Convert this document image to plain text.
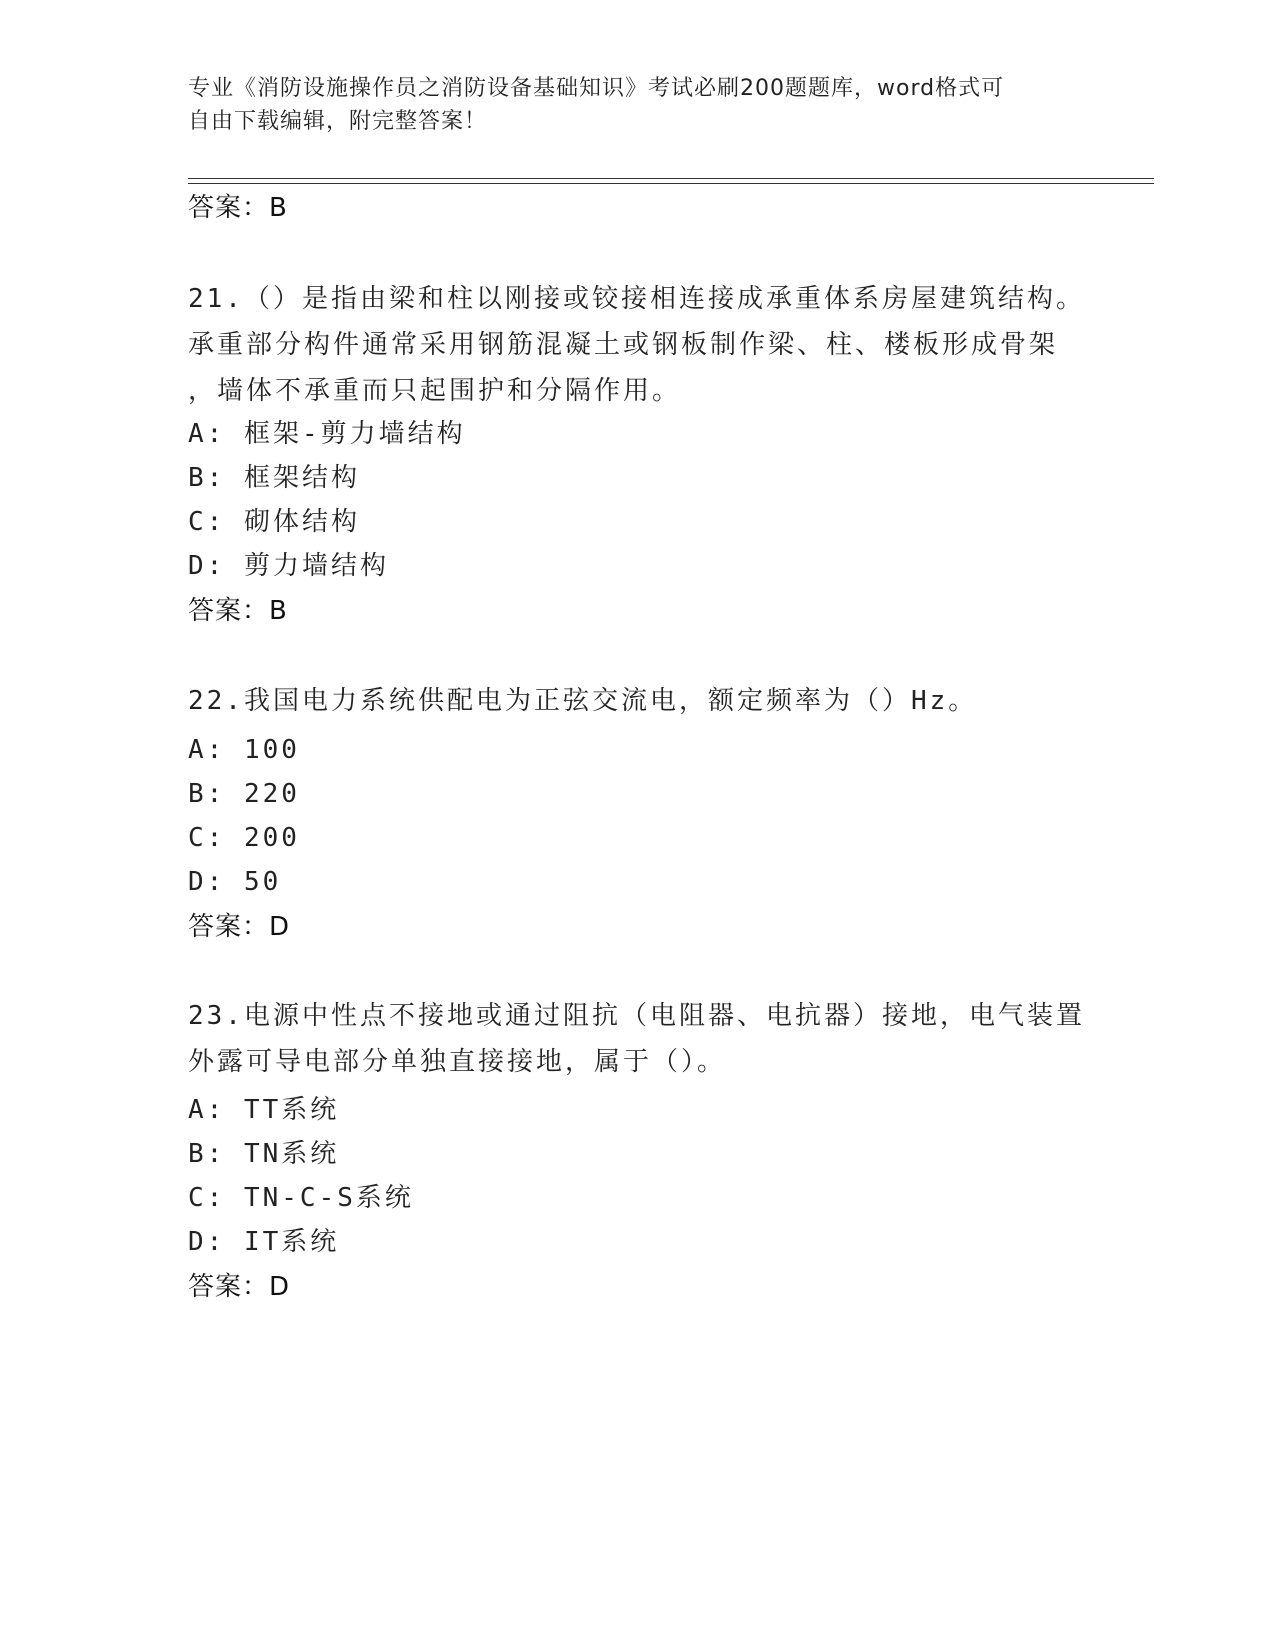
专业《消防设施操作员之消防设备基础知识》考试必刷200题题库，word格式可
自由下载编辑，附完整答案！
答案：B
21.（）是指由梁和柱以刚接或铰接相连接成承重体系房屋建筑结构。
承重部分构件通常采用钢筋混凝土或钢板制作梁、柱、楼板形成骨架
，墙体不承重而只起围护和分隔作用。
A: 框架-剪力墙结构
B: 框架结构
C: 砌体结构
D: 剪力墙结构
答案：B
22.我国电力系统供配电为正弦交流电，额定频率为（）Hz。
A: 100
B: 220
C: 200
D: 50
答案：D
23.电源中性点不接地或通过阻抗（电阻器、电抗器）接地，电气装置
外露可导电部分单独直接接地，属于（）。
A: TT系统
B: TN系统
C: TN-C-S系统
D: IT系统
答案：D
